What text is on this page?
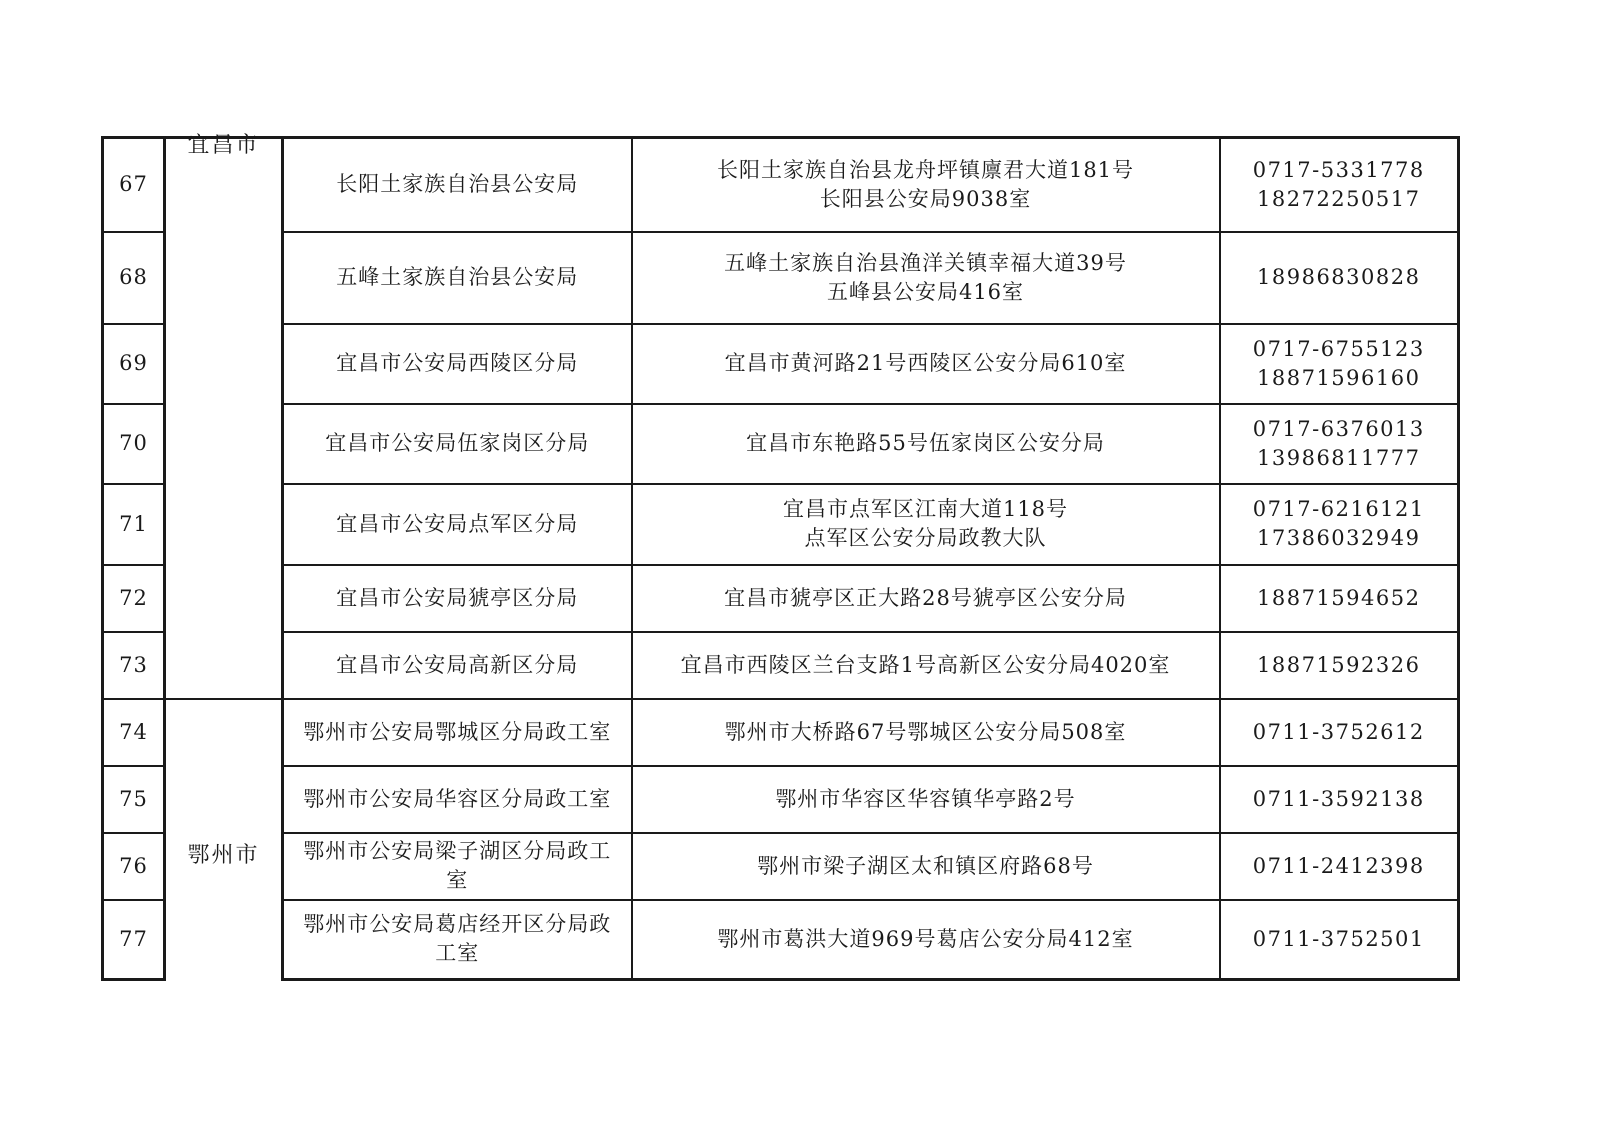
67	宜昌市	长阳土家族自治县公安局	长阳土家族自治县龙舟坪镇廪君大道181号
长阳县公安局9038室	0717-5331778
18272250517

68		五峰土家族自治县公安局	五峰土家族自治县渔洋关镇幸福大道39号
五峰县公安局416室	18986830828

69		宜昌市公安局西陵区分局	宜昌市黄河路21号西陵区公安分局610室	0717-6755123
18871596160

70		宜昌市公安局伍家岗区分局	宜昌市东艳路55号伍家岗区公安分局	0717-6376013
13986811777

71		宜昌市公安局点军区分局	宜昌市点军区江南大道118号
点军区公安分局政教大队	0717-6216121
17386032949

72		宜昌市公安局猇亭区分局	宜昌市猇亭区正大路28号猇亭区公安分局	18871594652

73		宜昌市公安局高新区分局	宜昌市西陵区兰台支路1号高新区公安分局4020室	18871592326

74	鄂州市	鄂州市公安局鄂城区分局政工室	鄂州市大桥路67号鄂城区公安分局508室	0711-3752612

75		鄂州市公安局华容区分局政工室	鄂州市华容区华容镇华亭路2号	0711-3592138

76		鄂州市公安局梁子湖区分局政工
室	鄂州市梁子湖区太和镇区府路68号	0711-2412398

77		鄂州市公安局葛店经开区分局政
工室	鄂州市葛洪大道969号葛店公安分局412室	0711-3752501
